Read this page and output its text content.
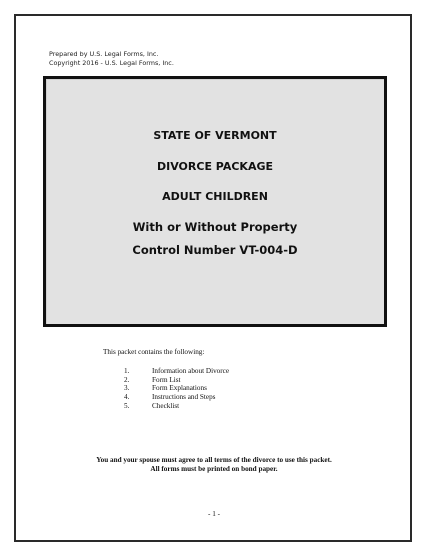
Prepared by U.S. Legal Forms, Inc.
Copyright 2016 - U.S. Legal Forms, Inc.
STATE OF VERMONT
DIVORCE PACKAGE
ADULT CHILDREN
With or Without Property
Control Number VT-004-D
This packet contains the following:
1.	Information about Divorce
2.	Form List
3.	Form Explanations
4.	Instructions and Steps
5.	Checklist
You and your spouse must agree to all terms of the divorce to use this packet.
All forms must be printed on bond paper.
- 1 -
